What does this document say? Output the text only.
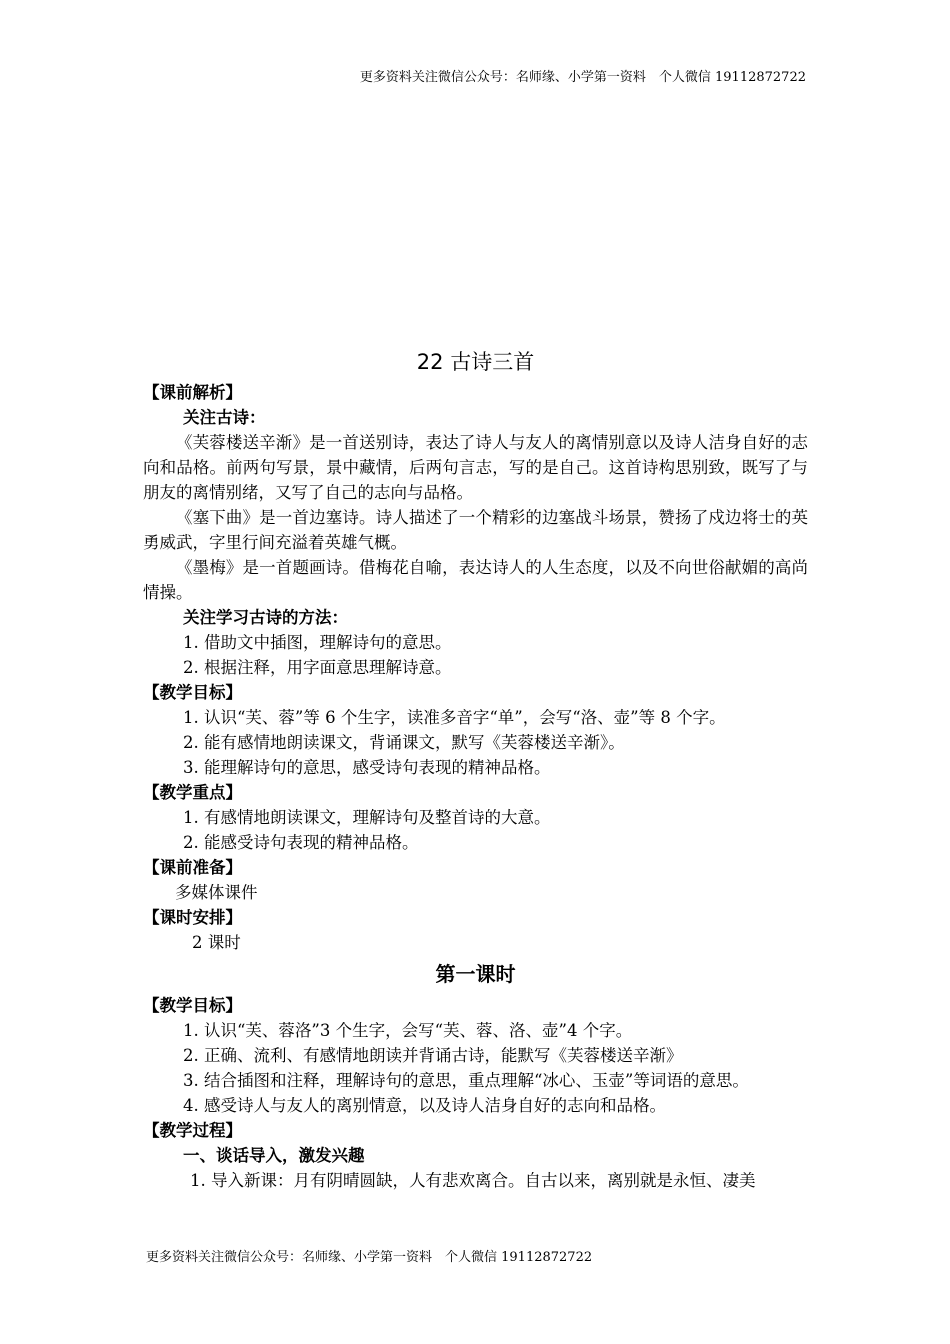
更多资料关注微信公众号：名师缘、小学第一资料　个人微信 19112872722

22 古诗三首

【课前解析】

关注古诗：

《芙蓉楼送辛渐》是一首送别诗，表达了诗人与友人的离情别意以及诗人洁身自好的志向和品格。前两句写景，景中藏情，后两句言志，写的是自己。这首诗构思别致，既写了与朋友的离情别绪，又写了自己的志向与品格。

《塞下曲》是一首边塞诗。诗人描述了一个精彩的边塞战斗场景，赞扬了戍边将士的英勇威武，字里行间充溢着英雄气概。

《墨梅》是一首题画诗。借梅花自喻，表达诗人的人生态度，以及不向世俗献媚的高尚情操。

关注学习古诗的方法：

1. 借助文中插图，理解诗句的意思。

2. 根据注释，用字面意思理解诗意。

【教学目标】

1. 认识“芙、蓉”等 6 个生字，读准多音字“单”，会写“洛、壶”等 8 个字。

2. 能有感情地朗读课文，背诵课文，默写《芙蓉楼送辛渐》。

3. 能理解诗句的意思，感受诗句表现的精神品格。

【教学重点】

1. 有感情地朗读课文，理解诗句及整首诗的大意。

2. 能感受诗句表现的精神品格。

【课前准备】

多媒体课件

【课时安排】

2 课时

第一课时

【教学目标】

1. 认识“芙、蓉洛”3 个生字，会写“芙、蓉、洛、壶”4 个字。

2. 正确、流利、有感情地朗读并背诵古诗，能默写《芙蓉楼送辛渐》

3. 结合插图和注释，理解诗句的意思，重点理解“冰心、玉壶”等词语的意思。

4. 感受诗人与友人的离别情意，以及诗人洁身自好的志向和品格。

【教学过程】

一、谈话导入，激发兴趣

1. 导入新课：月有阴晴圆缺，人有悲欢离合。自古以来，离别就是永恒、凄美

更多资料关注微信公众号：名师缘、小学第一资料　个人微信 19112872722
